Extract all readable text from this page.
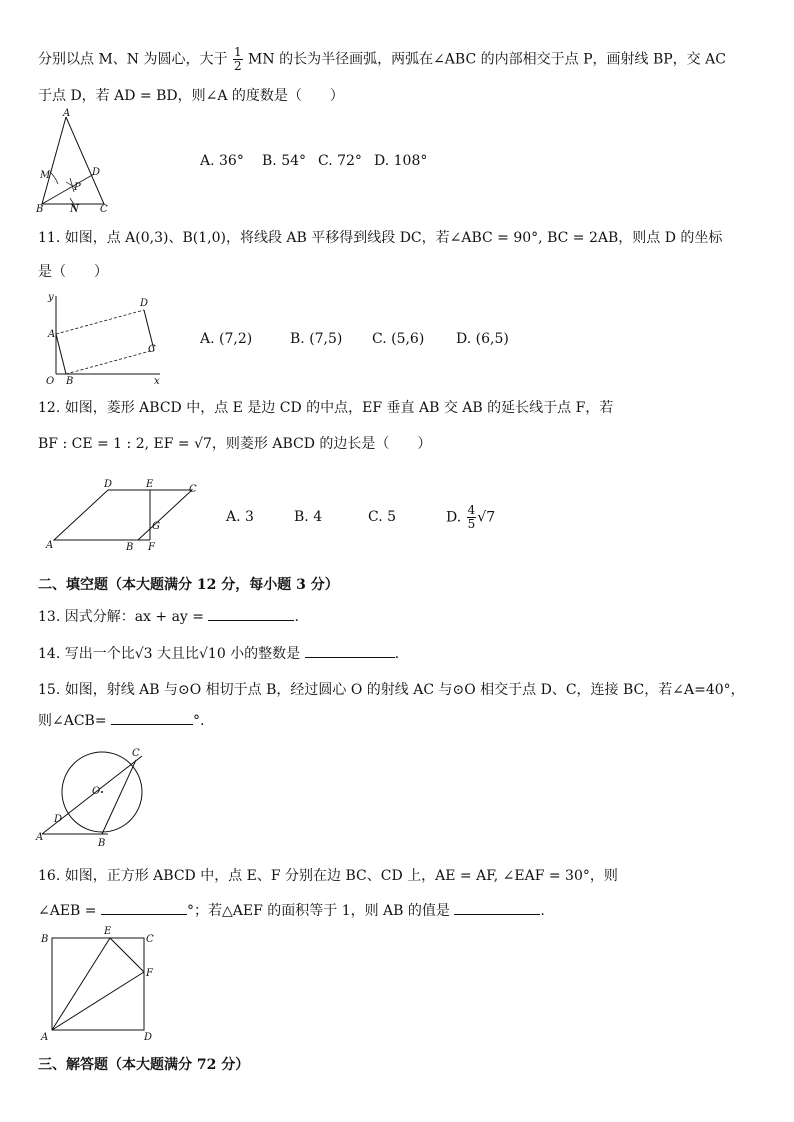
分别以点 M、N 为圆心，大于 $\frac{1}{2}$ MN 的长为半径画弧，两弧在∠ABC 的内部相交于点 P，画射线 BP，交 AC
于点 D，若 AD = BD，则∠A 的度数是（　　）
A
M	D
P
B	N C
A. 36° B. 54° C. 72° D. 108°
11. 如图，点 A(0,3)、B(1,0)，将线段 AB 平移得到线段 DC，若∠ABC = 90°, BC = 2AB，则点 D 的坐标
是（　　）
y
D
A
C
O B	x
A. (7,2)	B. (7,5) C. (5,6) D. (6,5)
12. 如图，菱形 ABCD 中，点 E 是边 CD 的中点，EF 垂直 AB 交 AB 的延长线于点 F，若
BF : CE = 1 : 2, EF = √7，则菱形 ABCD 的边长是（　　）
D	E	C
G
A	B F
A. 3	B. 4	C. 5	D. $\frac{4}{5} √7$
二、填空题（本大题满分 12 分，每小题 3 分）
13. 因式分解：ax + ay =	.
14. 写出一个比√3 大且比√10 小的整数是	.
15. 如图，射线 AB 与⊙O 相切于点 B，经过圆心 O 的射线 AC 与⊙O 相交于点 D、C，连接 BC，若∠A=40°，
则∠ACB=	°.
C
O
D
A
B
16. 如图，正方形 ABCD 中，点 E、F 分别在边 BC、CD 上，AE = AF, ∠EAF = 30°，则
∠AEB =	°；若△AEF 的面积等于 1，则 AB 的值是	.
B
E
C
F
A	D
三、解答题（本大题满分 72 分）
